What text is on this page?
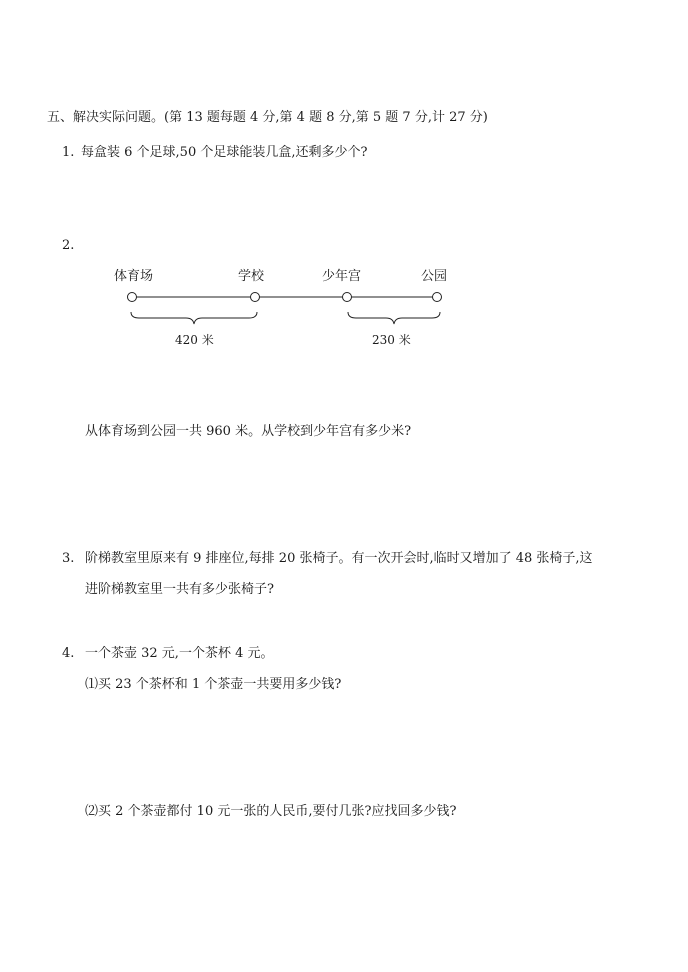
五、解决实际问题。(第 13 题每题 4 分,第 4 题 8 分,第 5 题 7 分,计 27 分)
1. 每盒装 6 个足球,50 个足球能装几盒,还剩多少个?
2.
体育场	学校	少年宫	公园
420 米	230 米
从体育场到公园一共 960 米。从学校到少年宫有多少米?
3. 阶梯教室里原来有 9 排座位,每排 20 张椅子。有一次开会时,临时又增加了 48 张椅子,这
进阶梯教室里一共有多少张椅子?
4. 一个茶壶 32 元,一个茶杯 4 元。
⑴买 23 个茶杯和 1 个茶壶一共要用多少钱?
⑵买 2 个茶壶都付 10 元一张的人民币,要付几张?应找回多少钱?
